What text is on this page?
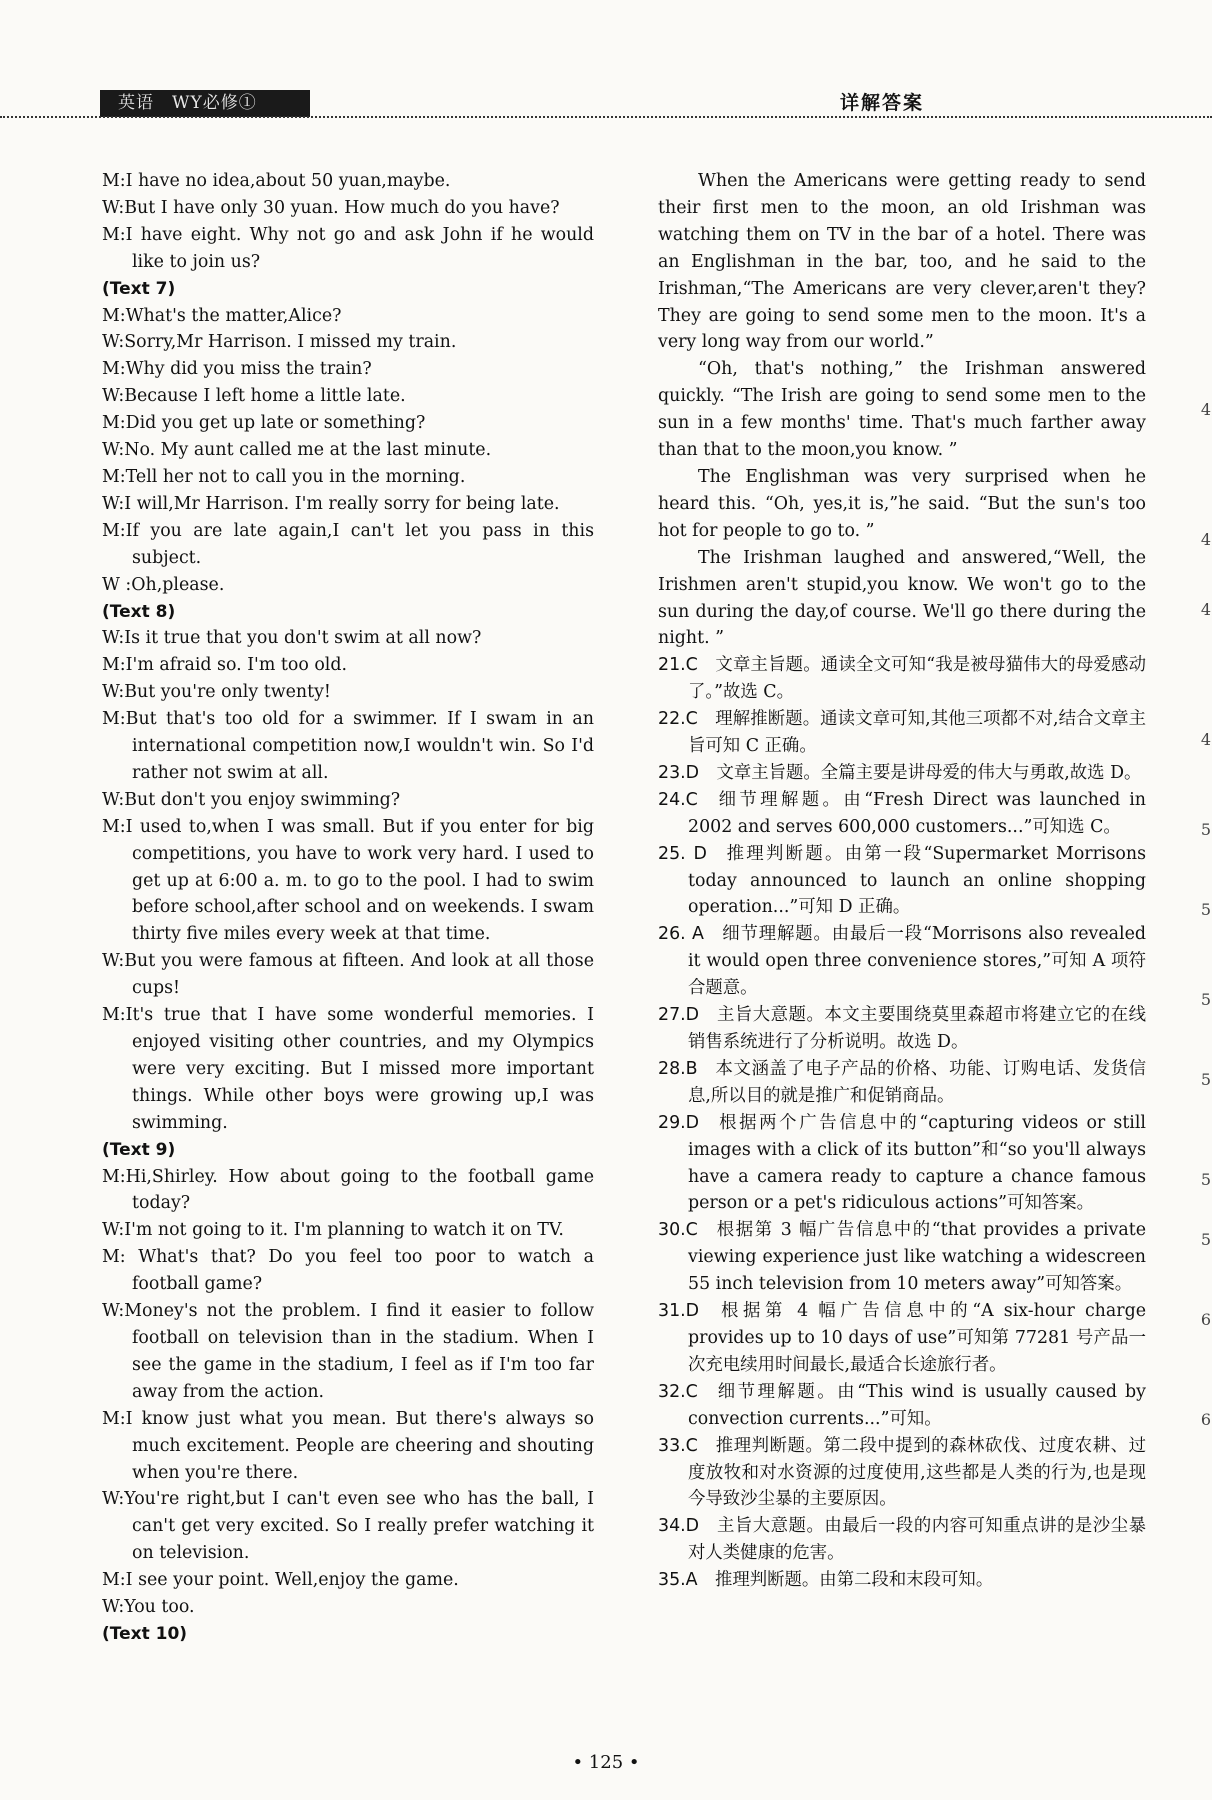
英语　WY必修①	详解答案
M:I have no idea,about 50 yuan,maybe.
W:But I have only 30 yuan. How much do you have?
M:I have eight. Why not go and ask John if he would like to join us?
(Text 7)
M:What's the matter,Alice?
W:Sorry,Mr Harrison. I missed my train.
M:Why did you miss the train?
W:Because I left home a little late.
M:Did you get up late or something?
W:No. My aunt called me at the last minute.
M:Tell her not to call you in the morning.
W:I will,Mr Harrison. I'm really sorry for being late.
M:If you are late again,I can't let you pass in this subject.
W :Oh,please.
(Text 8)
W:Is it true that you don't swim at all now?
M:I'm afraid so. I'm too old.
W:But you're only twenty!
M:But that's too old for a swimmer. If I swam in an international competition now,I wouldn't win. So I'd rather not swim at all.
W:But don't you enjoy swimming?
M:I used to,when I was small. But if you enter for big competitions, you have to work very hard. I used to get up at 6:00 a. m. to go to the pool. I had to swim before school,after school and on weekends. I swam thirty five miles every week at that time.
W:But you were famous at fifteen. And look at all those cups!
M:It's true that I have some wonderful memories. I enjoyed visiting other countries, and my Olympics were very exciting. But I missed more important things. While other boys were growing up,I was swimming.
(Text 9)
M:Hi,Shirley. How about going to the football game today?
W:I'm not going to it. I'm planning to watch it on TV.
M: What's that? Do you feel too poor to watch a football game?
W:Money's not the problem. I find it easier to follow football on television than in the stadium. When I see the game in the stadium, I feel as if I'm too far away from the action.
M:I know just what you mean. But there's always so much excitement. People are cheering and shouting when you're there.
W:You're right,but I can't even see who has the ball, I can't get very excited. So I really prefer watching it on television.
M:I see your point. Well,enjoy the game.
W:You too.
(Text 10)
When the Americans were getting ready to send their first men to the moon, an old Irishman was watching them on TV in the bar of a hotel. There was an Englishman in the bar, too, and he said to the Irishman,“The Americans are very clever,aren't they? They are going to send some men to the moon. It's a very long way from our world.”
“Oh, that's nothing,” the Irishman answered quickly. “The Irish are going to send some men to the sun in a few months' time. That's much farther away than that to the moon,you know. ”
The Englishman was very surprised when he heard this. “Oh, yes,it is,”he said. “But the sun's too hot for people to go to. ”
The Irishman laughed and answered,“Well, the Irishmen aren't stupid,you know. We won't go to the sun during the day,of course. We'll go there during the night. ”
21.C  文章主旨题。通读全文可知“我是被母猫伟大的母爱感动了。”故选 C。
22.C  理解推断题。通读文章可知,其他三项都不对,结合文章主旨可知 C 正确。
23.D  文章主旨题。全篇主要是讲母爱的伟大与勇敢,故选 D。
24.C  细节理解题。由“Fresh Direct was launched in 2002 and serves 600,000 customers...”可知选 C。
25. D  推理判断题。由第一段“Supermarket Morrisons today announced to launch an online shopping operation...”可知 D 正确。
26. A  细节理解题。由最后一段“Morrisons also revealed it would open three convenience stores,”可知 A 项符合题意。
27.D  主旨大意题。本文主要围绕莫里森超市将建立它的在线销售系统进行了分析说明。故选 D。
28.B  本文涵盖了电子产品的价格、功能、订购电话、发货信息,所以目的就是推广和促销商品。
29.D  根据两个广告信息中的“capturing videos or still images with a click of its button”和“so you'll always have a camera ready to capture a chance famous person or a pet's ridiculous actions”可知答案。
30.C  根据第 3 幅广告信息中的“that provides a private viewing experience just like watching a widescreen 55 inch television from 10 meters away”可知答案。
31.D  根据第 4 幅广告信息中的“A six-hour charge provides up to 10 days of use”可知第 77281 号产品一次充电续用时间最长,最适合长途旅行者。
32.C  细节理解题。由“This wind is usually caused by convection currents...”可知。
33.C  推理判断题。第二段中提到的森林砍伐、过度农耕、过度放牧和对水资源的过度使用,这些都是人类的行为,也是现今导致沙尘暴的主要原因。
34.D  主旨大意题。由最后一段的内容可知重点讲的是沙尘暴对人类健康的危害。
35.A  推理判断题。由第二段和末段可知。
• 125 •
4
4
4
4
5
5
5
5
5
5
6
6
